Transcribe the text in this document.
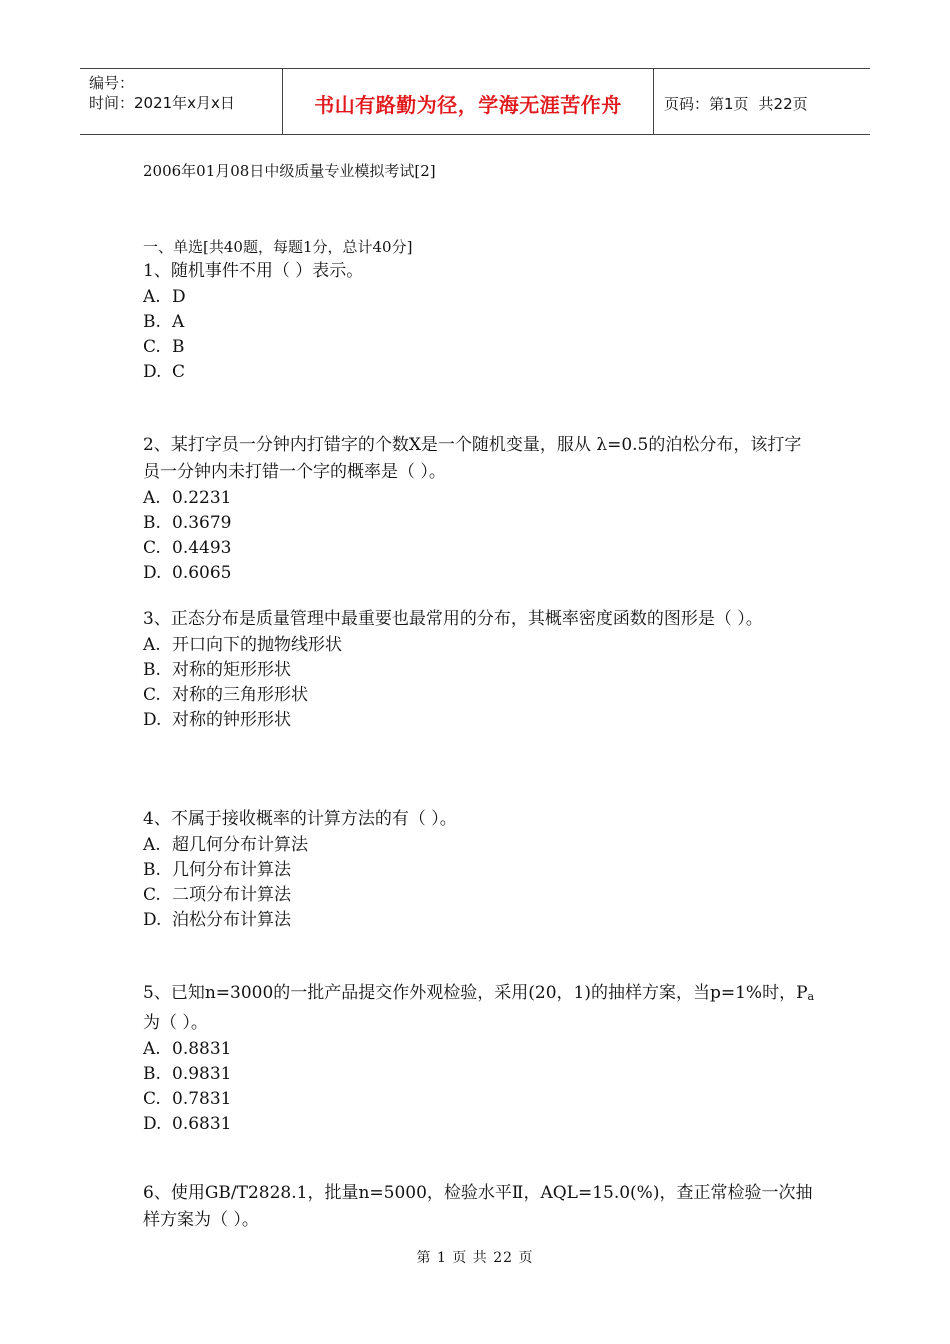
编号：
时间：2021年x月x日	书山有路勤为径，学海无涯苦作舟	页码：第1页 共22页
2006年01月08日中级质量专业模拟考试[2]
一、单选[共40题，每题1分，总计40分]

1、随机事件不用（ ）表示。

A. D
B. A
C. B
D. C

2、某打字员一分钟内打错字的个数X是一个随机变量，服从 λ=0.5的泊松分布，该打字员一分钟内未打错一个字的概率是（ ）。

A. 0.2231
B. 0.3679
C. 0.4493
D. 0.6065

3、正态分布是质量管理中最重要也最常用的分布，其概率密度函数的图形是（ ）。

A. 开口向下的抛物线形状
B. 对称的矩形形状
C. 对称的三角形形状
D. 对称的钟形形状

4、不属于接收概率的计算方法的有（ ）。

A. 超几何分布计算法
B. 几何分布计算法
C. 二项分布计算法
D. 泊松分布计算法

5、已知n=3000的一批产品提交作外观检验，采用(20，1)的抽样方案，当p=1%时，Pa为（ ）。

A. 0.8831
B. 0.9831
C. 0.7831
D. 0.6831

6、使用GB/T2828.1，批量n=5000，检验水平Ⅱ，AQL=15.0(%)，查正常检验一次抽样方案为（ ）。

第 1 页 共 22 页
